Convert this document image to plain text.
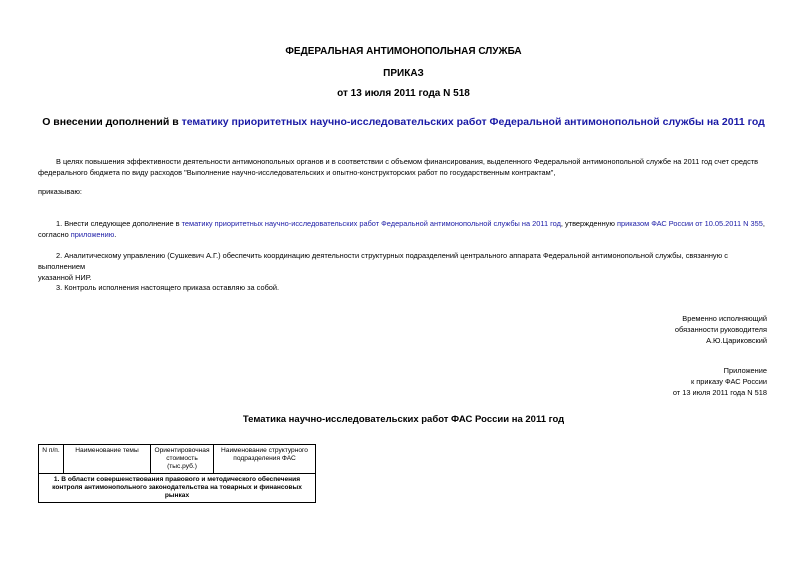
ФЕДЕРАЛЬНАЯ АНТИМОНОПОЛЬНАЯ СЛУЖБА
ПРИКАЗ
от 13 июля 2011 года N 518
О внесении дополнений в тематику приоритетных научно-исследовательских работ Федеральной антимонопольной службы на 2011 год
В целях повышения эффективности деятельности антимонопольных органов и в соответствии с объемом финансирования, выделенного Федеральной антимонопольной службе на 2011 год счет средств
федерального бюджета по виду расходов "Выполнение научно-исследовательских и опытно-конструкторских работ по государственным контрактам",
приказываю:
1. Внести следующее дополнение в тематику приоритетных научно-исследовательских работ Федеральной антимонопольной службы на 2011 год, утвержденную приказом ФАС России от 10.05.2011 N 355,
согласно приложению.
2. Аналитическому управлению (Сушкевич А.Г.) обеспечить координацию деятельности структурных подразделений центрального аппарата Федеральной антимонопольной службы, связанную с выполнением
указанной НИР.
3. Контроль исполнения настоящего приказа оставляю за собой.
Временно исполняющий
обязанности руководителя
А.Ю.Цариковский
Приложение
к приказу ФАС России
от 13 июля 2011 года N 518
Тематика научно-исследовательских работ ФАС России на 2011 год
N п/п.	Наименование темы	Ориентировочная стоимость (тыс.руб.)	Наименование структурного подразделения ФАС
1. В области совершенствования правового и методического обеспечения контроля антимонопольного законодательства на товарных и финансовых рынках
